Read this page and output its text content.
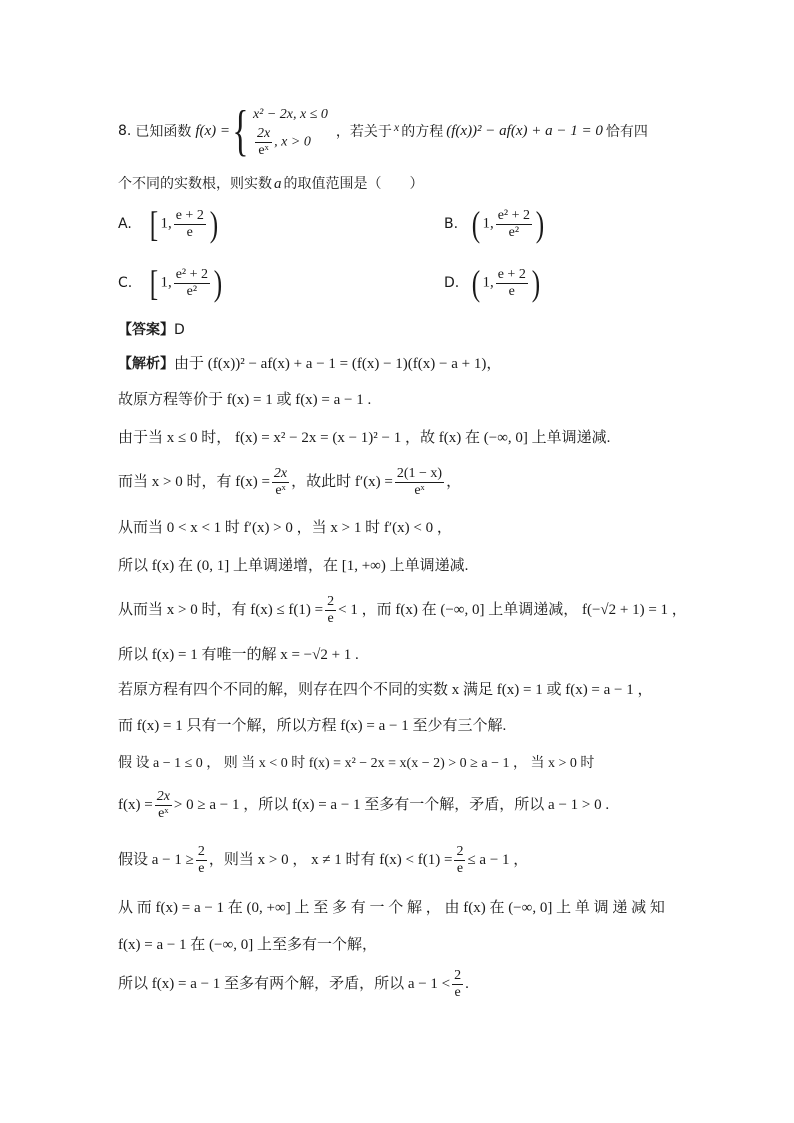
8. 已知函数 f(x) = { x² − 2x, x ≤ 0
$\frac{2x}{\text{eˣ}}$ , x > 0
，若关于 x 的方程 (f(x))² − af(x) + a − 1 = 0 恰有四
个不同的实数根，则实数 a 的取值范围是（　　）
A. [ 1, $\frac{e + 2}{e}$ )	B. ( 1, $\frac{\text{e² + 2}}{\text{e²}}$ )
C. [ 1, $\frac{\text{e² + 2}}{\text{e²}}$ )	D. ( 1, $\frac{e + 2}{e}$ )
【答案】D
【解析】由于 (f(x))² − af(x) + a − 1 = (f(x) − 1)(f(x) − a + 1)，
故原方程等价于 f(x) = 1 或 f(x) = a − 1 .
由于当 x ≤ 0 时， f(x) = x² − 2x = (x − 1)² − 1 ，故 f(x) 在 (−∞, 0] 上单调递减.
而当 x > 0 时，有 $f(x) = \frac{2x}{\text{eˣ}}$ ，故此时 $f'(x) = \frac{2(1 - x)}{\text{eˣ}}$ ，
从而当 0 < x < 1 时 f′(x) > 0 ，当 x > 1 时 f′(x) < 0 ，
所以 f(x) 在 (0, 1] 上单调递增，在 [1, +∞) 上单调递减.
从而当 x > 0 时，有 $f(x) \le f(1) = \frac{2}{e} < 1$ ，而 f(x) 在 (−∞, 0] 上单调递减， f(−√2 + 1) = 1 ，
所以 f(x) = 1 有唯一的解 x = −√2 + 1 .
若原方程有四个不同的解，则存在四个不同的实数 x 满足 f(x) = 1 或 f(x) = a − 1 ，
而 f(x) = 1 只有一个解，所以方程 f(x) = a − 1 至少有三个解.
假 设 a − 1 ≤ 0 ， 则 当 x < 0 时 f(x) = x² − 2x = x(x − 2) > 0 ≥ a − 1 ， 当 x > 0 时
$f(x) = \frac{2x}{\text{eˣ}} > 0 \ge a - 1$ ，所以 f(x) = a − 1 至多有一个解，矛盾，所以 a − 1 > 0 .
假设 $a - 1 \ge \frac{2}{e}$ ，则当 x > 0 ， x ≠ 1 时有 $f(x) < f(1) = \frac{2}{e} \le a - 1$ ，
从 而 f(x) = a − 1 在 (0, +∞] 上 至 多 有 一 个 解 ， 由 f(x) 在 (−∞, 0] 上 单 调 递 减 知
f(x) = a − 1 在 (−∞, 0] 上至多有一个解，
所以 f(x) = a − 1 至多有两个解，矛盾，所以 $a - 1 < \frac{2}{e}$ .
